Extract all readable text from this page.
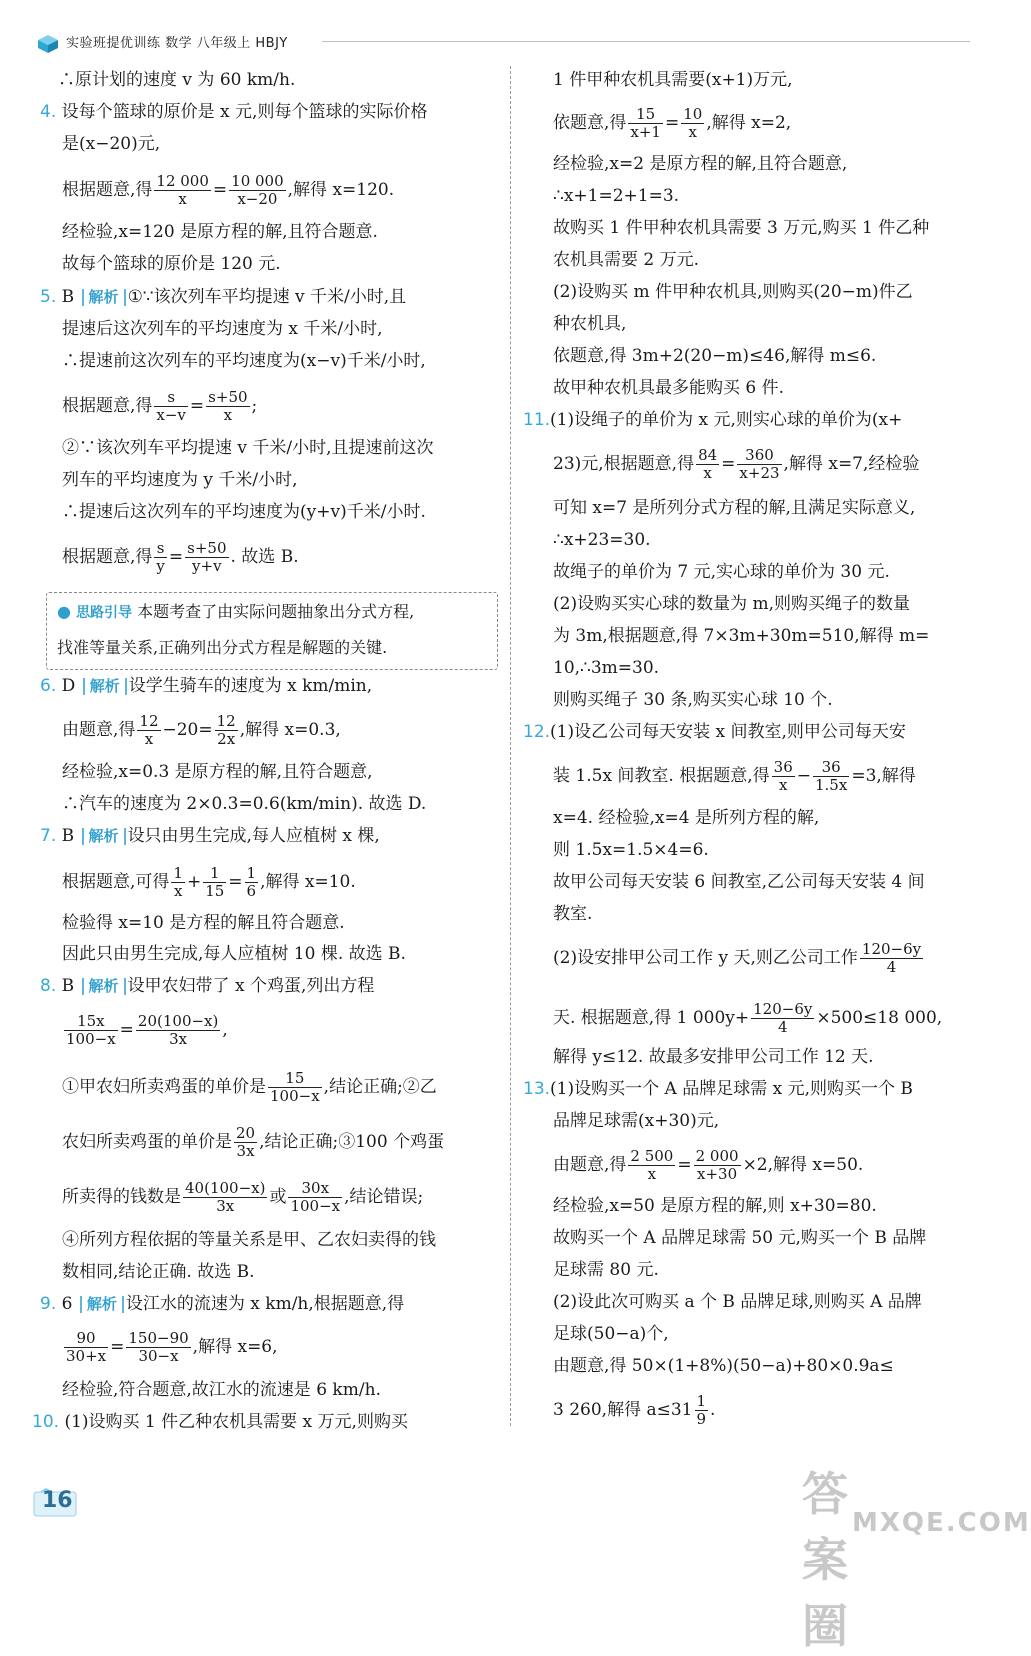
实验班提优训练 数学 八年级上 HBJY
∴原计划的速度 v 为 60 km/h.
4. 设每个篮球的原价是 x 元,则每个篮球的实际价格
是(x−20)元,
根据题意,得 $\frac{12 000}{x} = \frac{10 000}{x-20}$ ,解得 x=120.
经检验,x=120 是原方程的解,且符合题意.
故每个篮球的原价是 120 元.
5. B 解析 ①∵该次列车平均提速 v 千米/小时,且
提速后这次列车的平均速度为 x 千米/小时,
∴提速前这次列车的平均速度为(x−v)千米/小时,
根据题意,得 $\frac{s}{x-v} = \frac{s+50}{x}$ ;
②∵该次列车平均提速 v 千米/小时,且提速前这次
列车的平均速度为 y 千米/小时,
∴提速后这次列车的平均速度为(y+v)千米/小时.
根据题意,得 $\frac{s}{y} = \frac{s+50}{y+v}$ . 故选 B.
● 思路引导 本题考查了由实际问题抽象出分式方程,
找准等量关系,正确列出分式方程是解题的关键.
6. D 解析 设学生骑车的速度为 x km/min,
由题意,得 $\frac{12}{x} -20= \frac{12}{2x}$ ,解得 x=0.3,
经检验,x=0.3 是原方程的解,且符合题意,
∴汽车的速度为 2×0.3=0.6(km/min). 故选 D.
7. B 解析 设只由男生完成,每人应植树 x 棵,
根据题意,可得 $\frac{1}{x} + \frac{1}{15} = \frac{1}{6}$ ,解得 x=10.
检验得 x=10 是方程的解且符合题意.
因此只由男生完成,每人应植树 10 棵. 故选 B.
8. B 解析 设甲农妇带了 x 个鸡蛋,列出方程
$\frac{15x}{100-x} = \frac{20(100-x)}{3x}$ ,
①甲农妇所卖鸡蛋的单价是 $\frac{15}{100-x}$ ,结论正确;②乙
农妇所卖鸡蛋的单价是 $\frac{20}{3x}$ ,结论正确;③100 个鸡蛋
所卖得的钱数是 $\frac{40(100-x)}{3x}$ 或 $\frac{30x}{100-x}$ ,结论错误;
④所列方程依据的等量关系是甲、乙农妇卖得的钱
数相同,结论正确. 故选 B.
9. 6 解析 设江水的流速为 x km/h,根据题意,得
$\frac{90}{30+x} = \frac{150-90}{30-x}$ ,解得 x=6,
经检验,符合题意,故江水的流速是 6 km/h.
10. (1)设购买 1 件乙种农机具需要 x 万元,则购买
1 件甲种农机具需要(x+1)万元,
依题意,得 $\frac{15}{x+1} = \frac{10}{x}$ ,解得 x=2,
经检验,x=2 是原方程的解,且符合题意,
∴x+1=2+1=3.
故购买 1 件甲种农机具需要 3 万元,购买 1 件乙种
农机具需要 2 万元.
(2)设购买 m 件甲种农机具,则购买(20−m)件乙
种农机具,
依题意,得 3m+2(20−m)≤46,解得 m≤6.
故甲种农机具最多能购买 6 件.
11.(1)设绳子的单价为 x 元,则实心球的单价为(x+
23)元,根据题意,得 $\frac{84}{x} = \frac{360}{x+23}$ ,解得 x=7,经检验
可知 x=7 是所列分式方程的解,且满足实际意义,
∴x+23=30.
故绳子的单价为 7 元,实心球的单价为 30 元.
(2)设购买实心球的数量为 m,则购买绳子的数量
为 3m,根据题意,得 7×3m+30m=510,解得 m=
10,∴3m=30.
则购买绳子 30 条,购买实心球 10 个.
12.(1)设乙公司每天安装 x 间教室,则甲公司每天安
装 1.5x 间教室. 根据题意,得 $\frac{36}{x} - \frac{36}{1.5x} =3$,解得
x=4. 经检验,x=4 是所列方程的解,
则 1.5x=1.5×4=6.
故甲公司每天安装 6 间教室,乙公司每天安装 4 间
教室.
(2)设安排甲公司工作 y 天,则乙公司工作 $\frac{120-6y}{4}$
天. 根据题意,得 1 $000y+ \frac{120-6y}{4} \times 500\le 18$ 000,
解得 y≤12. 故最多安排甲公司工作 12 天.
13.(1)设购买一个 A 品牌足球需 x 元,则购买一个 B
品牌足球需(x+30)元,
由题意,得 $\frac{2 500}{x} = \frac{2 000}{x+30} \times 2$,解得 x=50.
经检验,x=50 是原方程的解,则 x+30=80.
故购买一个 A 品牌足球需 50 元,购买一个 B 品牌
足球需 80 元.
(2)设此次可购买 a 个 B 品牌足球,则购买 A 品牌
足球(50−a)个,
由题意,得 50×(1+8%)(50−a)+80×0.9a≤
3 260,解得 $a\le 31 \frac{1}{9}$ .
16	答案圈
MXQE.COM
